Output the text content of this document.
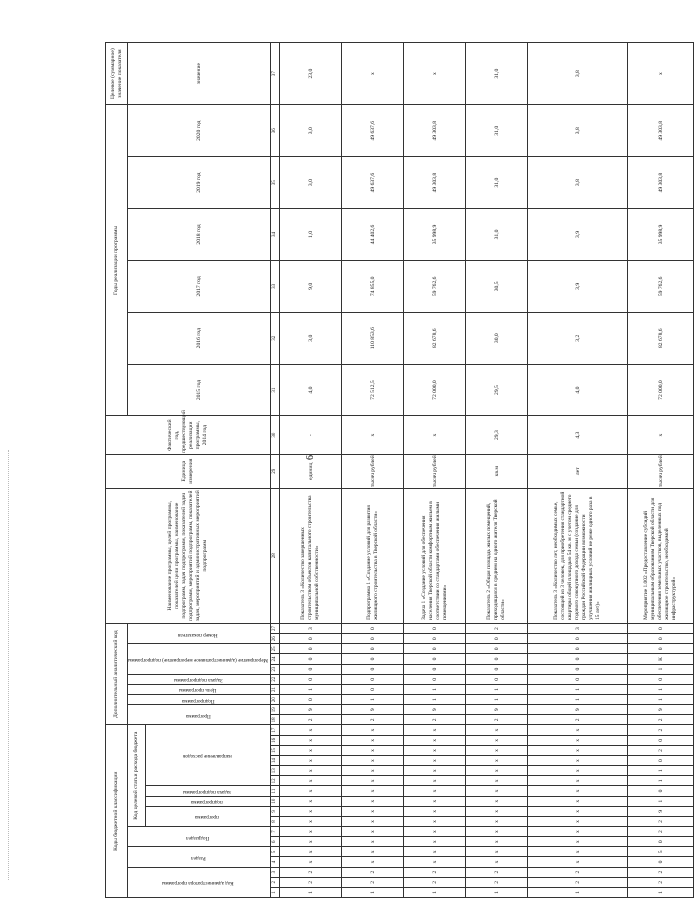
6
Коды бюджетной классификации																	Дополнительный аналитический код										Наименование программы, целей программы, показателей цели программы, наименование подпрограмм, задач подпрограмм, показателей задач подпрограмм, мероприятий подпрограмм, показателей задач, мероприятий и административных мероприятий подпрограмм	Единица измерения	Фактический год, предшествующий реализации программы, 2014 год	Годы реализации программы						Целевое (суммарное) значение показателя
Код администратора программы			Раздел		Подраздел		Код целевой статьи расхода бюджета										Программа		Подпрограмма	Цель программы	Задача подпрограммы	Мероприятие (административное мероприятие) подпрограммы			Номер показателя					2015 год	2016 год	2017 год	2018 год	2019 год	2020 год	значение
							программа		подпрограмма	задача подпрограммы	направление расходов																									

1	2	3	4	5	6	7	8	9	10	11	12	13	14	15	16	17	18	19	20	21	22	23	24	25	26	27	28	29	30	31	32	33	34	35	36	37
1	2	2	х	х	х	х	х	х	х	х	х	х	х	х	х	х	2	9	0	1	0	0	0	0	0	3	Показатель 3 «Количество завершенных строительством объектов капитального строительства муниципальной собственности»	единиц	-	4,0	3,0	9,0	1,0	3,0	3,0	23,0
1	2	2	х	х	х	х	х	х	х	х	х	х	х	х	х	х	2	9	1	0	0	0	0	0	0	0	Подпрограмма 1 «Создание условий для развития жилищного строительства в Тверской области»	тысяч рублей	х	72 512,5	110 853,6	74 855,0	44 402,6	49 637,6	49 637,6	х
1	2	2	х	х	х	х	х	х	х	х	х	х	х	х	х	х	2	9	1	1	0	0	0	0	0	0	Задача 1 «Создание условий для обеспечения населения Тверской области комфортным жильем в соответствии со стандартами обеспечения жилыми помещениями»	тысяч рублей	х	72 000,0	82 678,6	59 762,6	35 998,9	49 303,8	49 303,8	х
1	2	2	х	х	х	х	х	х	х	х	х	х	х	х	х	х	2	9	1	1	0	0	0	0	0	2	Показатель 2 «Общая площадь жилых помещений, приходящаяся в среднем на одного жителя Тверской области»	кв.м	29,3	29,5	30,0	30,5	31,0	31,0	31,0	31,0
1	2	2	х	х	х	х	х	х	х	х	х	х	х	х	х	х	2	9	1	1	0	0	0	0	0	3	Показатель 3 «Количество лет, необходимых семье, состоящей из 3 человек, для приобретения стандартной квартиры общей площадью 54 кв. м с учетом среднего годового совокупного дохода семьи (создание для граждан Российской Федерации возможности улучшения жилищных условий не реже одного раза в 15 лет)»	лет	4,3	4,0	3,2	3,9	3,9	3,8	3,8	3,8
1	2	2	0	5	0	2	2	9	1	0	1	1	0	2	0	2	2	9	1	1	0	1	К	0	0	0	Мероприятие 1.002 «Предоставление субсидий муниципальным образованиям Тверской области для обеспечения земельных участков, выделенных под жилищное строительство, необходимой инфраструктурой»	тысяч рублей	х	72 000,0	82 678,6	59 762,6	35 998,9	49 303,8	49 303,8	х
